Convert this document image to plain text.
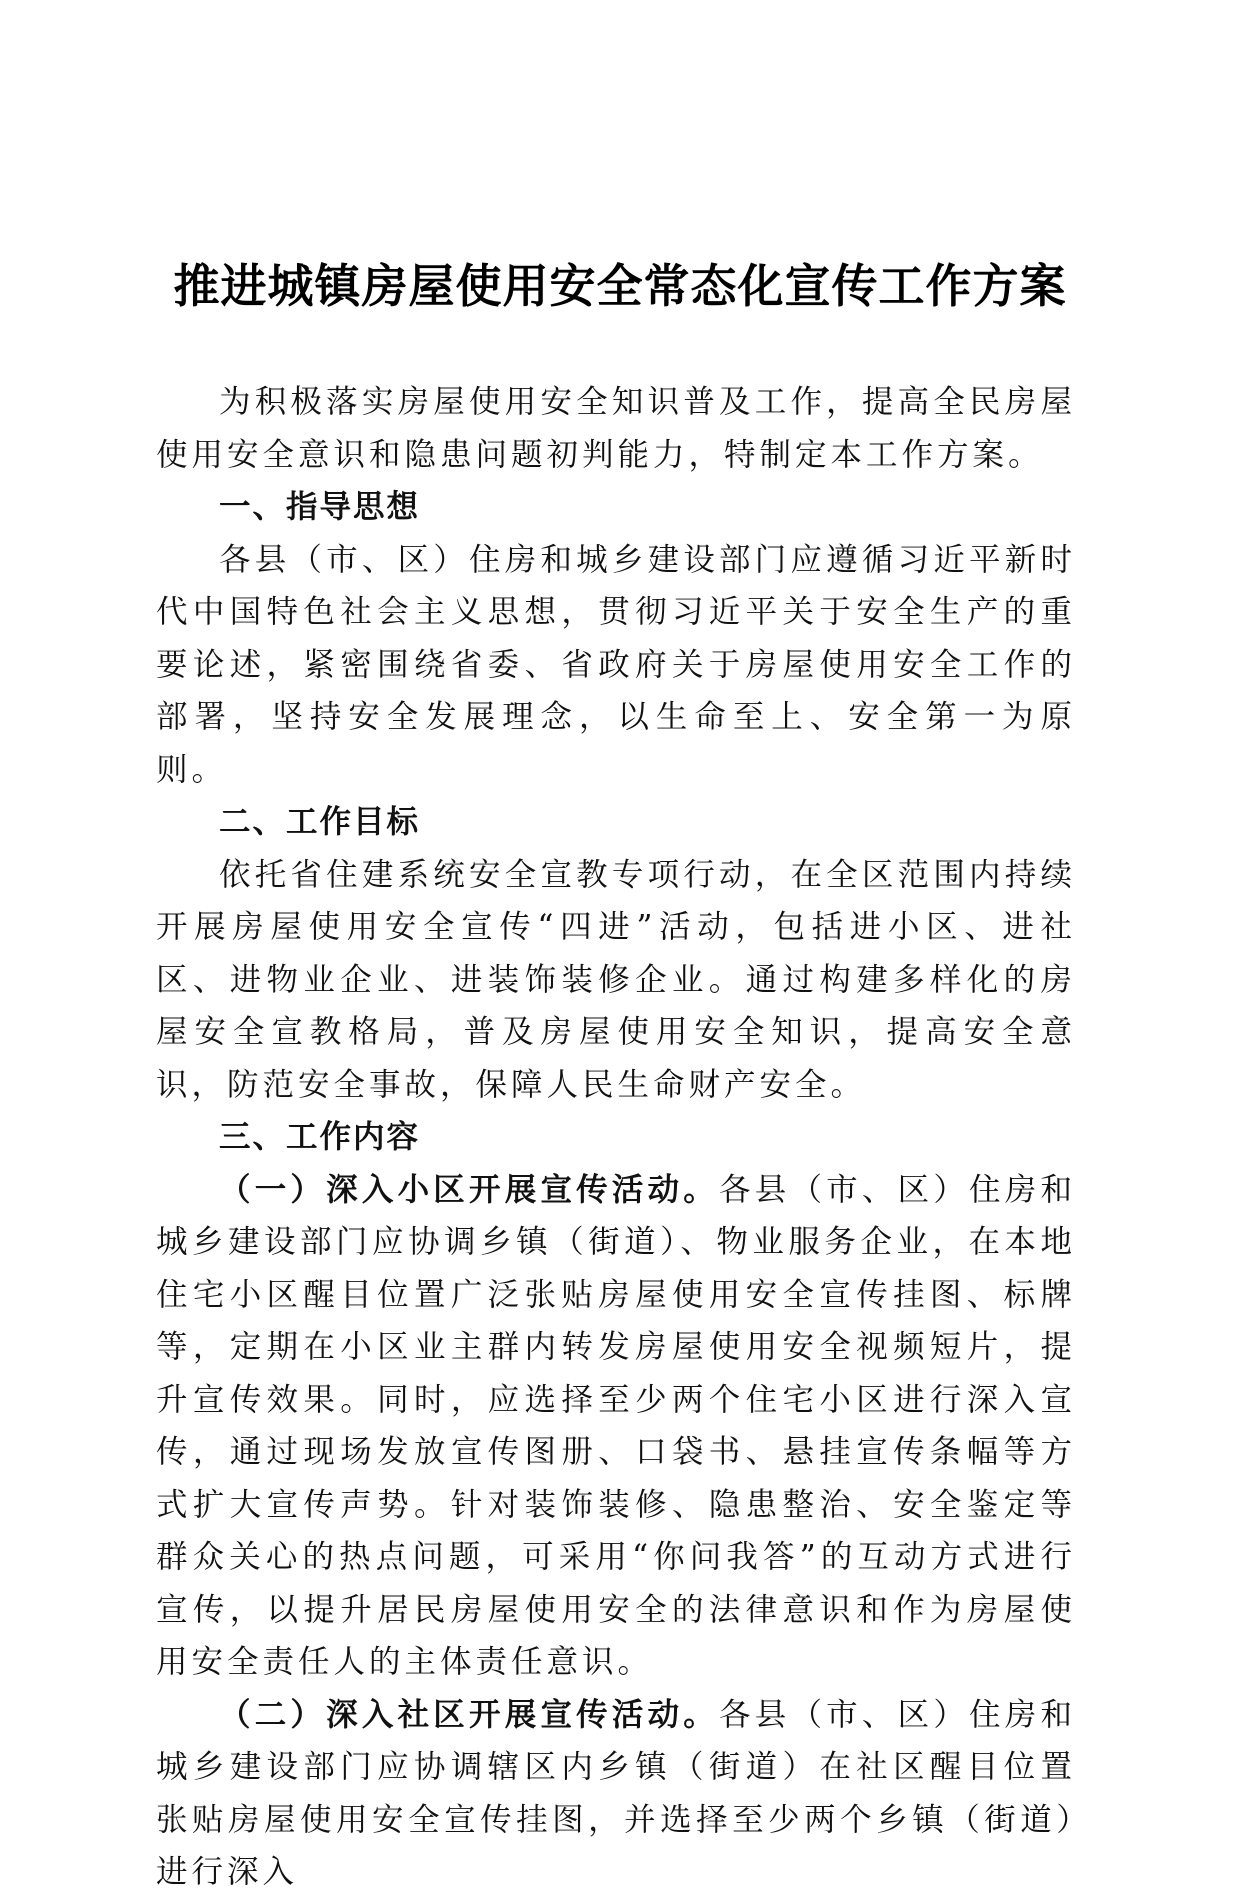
推进城镇房屋使用安全常态化宣传工作方案

为积极落实房屋使用安全知识普及工作，提高全民房屋使用安全意识和隐患问题初判能力，特制定本工作方案。

一、指导思想

各县（市、区）住房和城乡建设部门应遵循习近平新时代中国特色社会主义思想，贯彻习近平关于安全生产的重要论述，紧密围绕省委、省政府关于房屋使用安全工作的部署，坚持安全发展理念，以生命至上、安全第一为原则。

二、工作目标

依托省住建系统安全宣教专项行动，在全区范围内持续开展房屋使用安全宣传“四进”活动，包括进小区、进社区、进物业企业、进装饰装修企业。通过构建多样化的房屋安全宣教格局，普及房屋使用安全知识，提高安全意识，防范安全事故，保障人民生命财产安全。

三、工作内容

（一）深入小区开展宣传活动。各县（市、区）住房和城乡建设部门应协调乡镇（街道）、物业服务企业，在本地住宅小区醒目位置广泛张贴房屋使用安全宣传挂图、标牌等，定期在小区业主群内转发房屋使用安全视频短片，提升宣传效果。同时，应选择至少两个住宅小区进行深入宣传，通过现场发放宣传图册、口袋书、悬挂宣传条幅等方式扩大宣传声势。针对装饰装修、隐患整治、安全鉴定等群众关心的热点问题，可采用“你问我答”的互动方式进行宣传，以提升居民房屋使用安全的法律意识和作为房屋使用安全责任人的主体责任意识。

（二）深入社区开展宣传活动。各县（市、区）住房和城乡建设部门应协调辖区内乡镇（街道）在社区醒目位置张贴房屋使用安全宣传挂图，并选择至少两个乡镇（街道）进行深入
